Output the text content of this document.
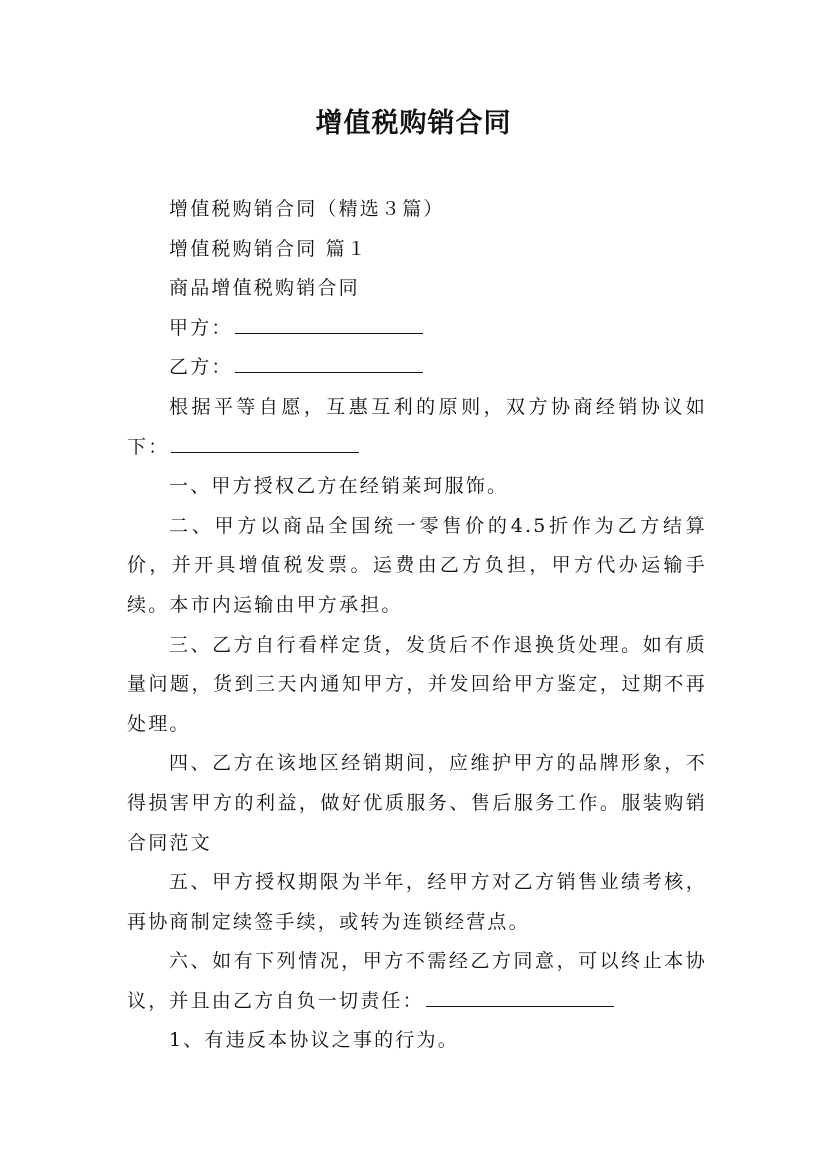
增值税购销合同

增值税购销合同（精选３篇）

增值税购销合同 篇１

商品增值税购销合同

甲方：

乙方：

根据平等自愿，互惠互利的原则，双方协商经销协议如下：

一、甲方授权乙方在经销莱珂服饰。

二、甲方以商品全国统一零售价的4.5折作为乙方结算价，并开具增值税发票。运费由乙方负担，甲方代办运输手续。本市内运输由甲方承担。

三、乙方自行看样定货，发货后不作退换货处理。如有质量问题，货到三天内通知甲方，并发回给甲方鉴定，过期不再处理。

四、乙方在该地区经销期间，应维护甲方的品牌形象，不得损害甲方的利益，做好优质服务、售后服务工作。服装购销合同范文

五、甲方授权期限为半年，经甲方对乙方销售业绩考核，再协商制定续签手续，或转为连锁经营点。

六、如有下列情况，甲方不需经乙方同意，可以终止本协议，并且由乙方自负一切责任：

1、有违反本协议之事的行为。
